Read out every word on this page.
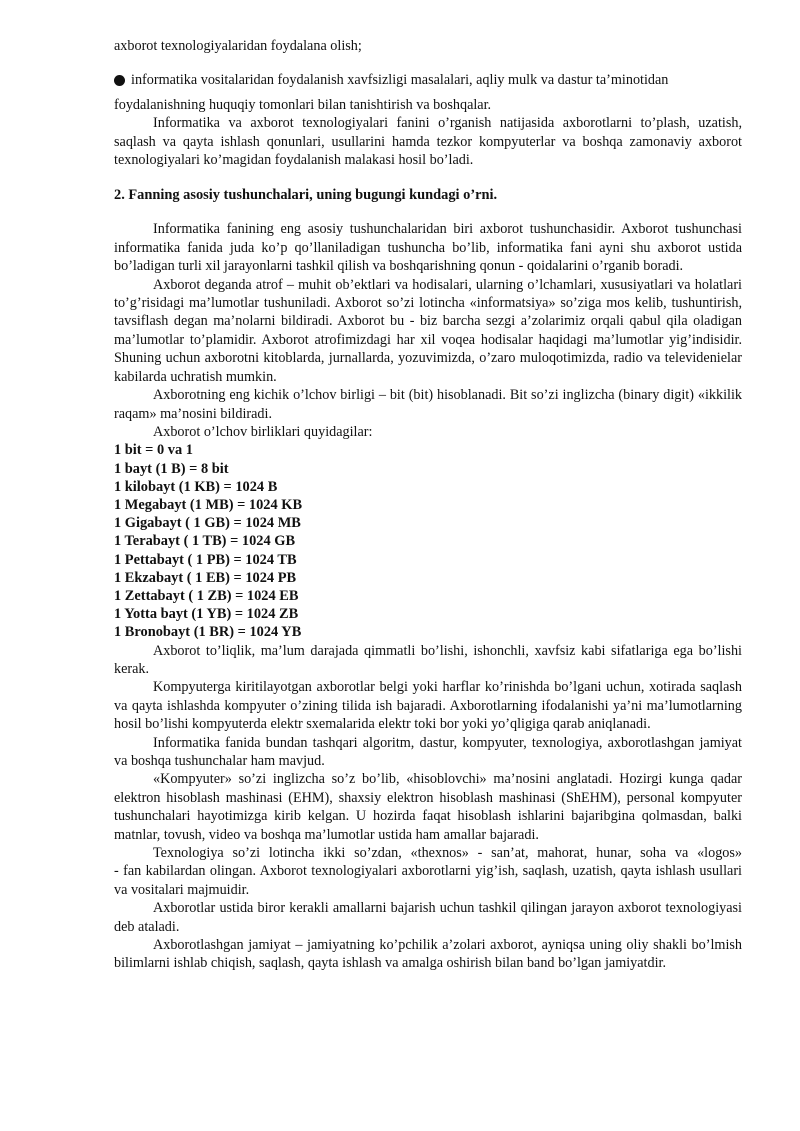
axborot texnologiyalaridan foydalana olish;

informatika vositalaridan foydalanish xavfsizligi masalalari, aqliy mulk va dastur ta’minotidan

foydalanishning huquqiy tomonlari bilan tanishtirish va boshqalar.

Informatika va axborot texnologiyalari fanini o’rganish natijasida axborotlarni to’plash, uzatish, saqlash va qayta ishlash qonunlari, usullarini hamda tezkor kompyuterlar va boshqa zamonaviy axborot texnologiyalari ko’magidan foydalanish malakasi hosil bo’ladi.

2. Fanning asosiy tushunchalari, uning bugungi kundagi o’rni.

Informatika fanining eng asosiy tushunchalaridan biri axborot tushunchasidir. Axborot tushunchasi informatika fanida juda ko’p qo’llaniladigan tushuncha bo’lib, informatika fani ayni shu axborot ustida bo’ladigan turli xil jarayonlarni tashkil qilish va boshqarishning qonun - qoidalarini o’rganib boradi.

Axborot deganda atrof – muhit ob’ektlari va hodisalari, ularning o’lchamlari, xususiyatlari va holatlari to’g’risidagi ma’lumotlar tushuniladi. Axborot so’zi lotincha «informatsiya» so’ziga mos kelib, tushuntirish, tavsiflash degan ma’nolarni bildiradi. Axborot bu - biz barcha sezgi a’zolarimiz orqali qabul qila oladigan ma’lumotlar to’plamidir. Axborot atrofimizdagi har xil voqea hodisalar haqidagi ma’lumotlar yig’indisidir. Shuning uchun axborotni kitoblarda, jurnallarda, yozuvimizda, o’zaro muloqotimizda, radio va televidenielar kabilarda uchratish mumkin.

Axborotning eng kichik o’lchov birligi – bit (bit) hisoblanadi. Bit so’zi inglizcha (binary digit) «ikkilik raqam» ma’nosini bildiradi.

Axborot o’lchov birliklari quyidagilar:

1 bit = 0 va 1

1 bayt (1 B) = 8 bit

1 kilobayt (1 KB) = 1024 B

1 Megabayt (1 MB) = 1024 KB

1 Gigabayt ( 1 GB) = 1024 MB

1 Terabayt ( 1 TB) = 1024 GB

1 Pettabayt ( 1 PB) = 1024 TB

1 Ekzabayt ( 1 EB) = 1024 PB

1 Zettabayt ( 1 ZB) = 1024 EB

1 Yotta bayt (1 YB) = 1024 ZB

1 Bronobayt (1 BR) = 1024 YB

Axborot to’liqlik, ma’lum darajada qimmatli bo’lishi, ishonchli, xavfsiz kabi sifatlariga ega bo’lishi kerak.

Kompyuterga kiritilayotgan axborotlar belgi yoki harflar ko’rinishda bo’lgani uchun, xotirada saqlash va qayta ishlashda kompyuter o’zining tilida ish bajaradi. Axborotlarning ifodalanishi ya’ni ma’lumotlarning hosil bo’lishi kompyuterda elektr sxemalarida elektr toki bor yoki yo’qligiga qarab aniqlanadi.

Informatika fanida bundan tashqari algoritm, dastur, kompyuter, texnologiya, axborotlashgan jamiyat va boshqa tushunchalar ham mavjud.

«Kompyuter» so’zi inglizcha so’z bo’lib, «hisoblovchi» ma’nosini anglatadi. Hozirgi kunga qadar elektron hisoblash mashinasi (EHM), shaxsiy elektron hisoblash mashinasi (ShEHM), personal kompyuter tushunchalari hayotimizga kirib kelgan. U hozirda faqat hisoblash ishlarini bajaribgina qolmasdan, balki matnlar, tovush, video va boshqa ma’lumotlar ustida ham amallar bajaradi.

Texnologiya so’zi lotincha ikki so’zdan, «thexnos» - san’at, mahorat, hunar, soha va «logos»

- fan kabilardan olingan. Axborot texnologiyalari axborotlarni yig’ish, saqlash, uzatish, qayta ishlash usullari va vositalari majmuidir.

Axborotlar ustida biror kerakli amallarni bajarish uchun tashkil qilingan jarayon axborot texnologiyasi deb ataladi.

Axborotlashgan jamiyat – jamiyatning ko’pchilik a’zolari axborot, ayniqsa uning oliy shakli bo’lmish bilimlarni ishlab chiqish, saqlash, qayta ishlash va amalga oshirish bilan band bo’lgan jamiyatdir.
